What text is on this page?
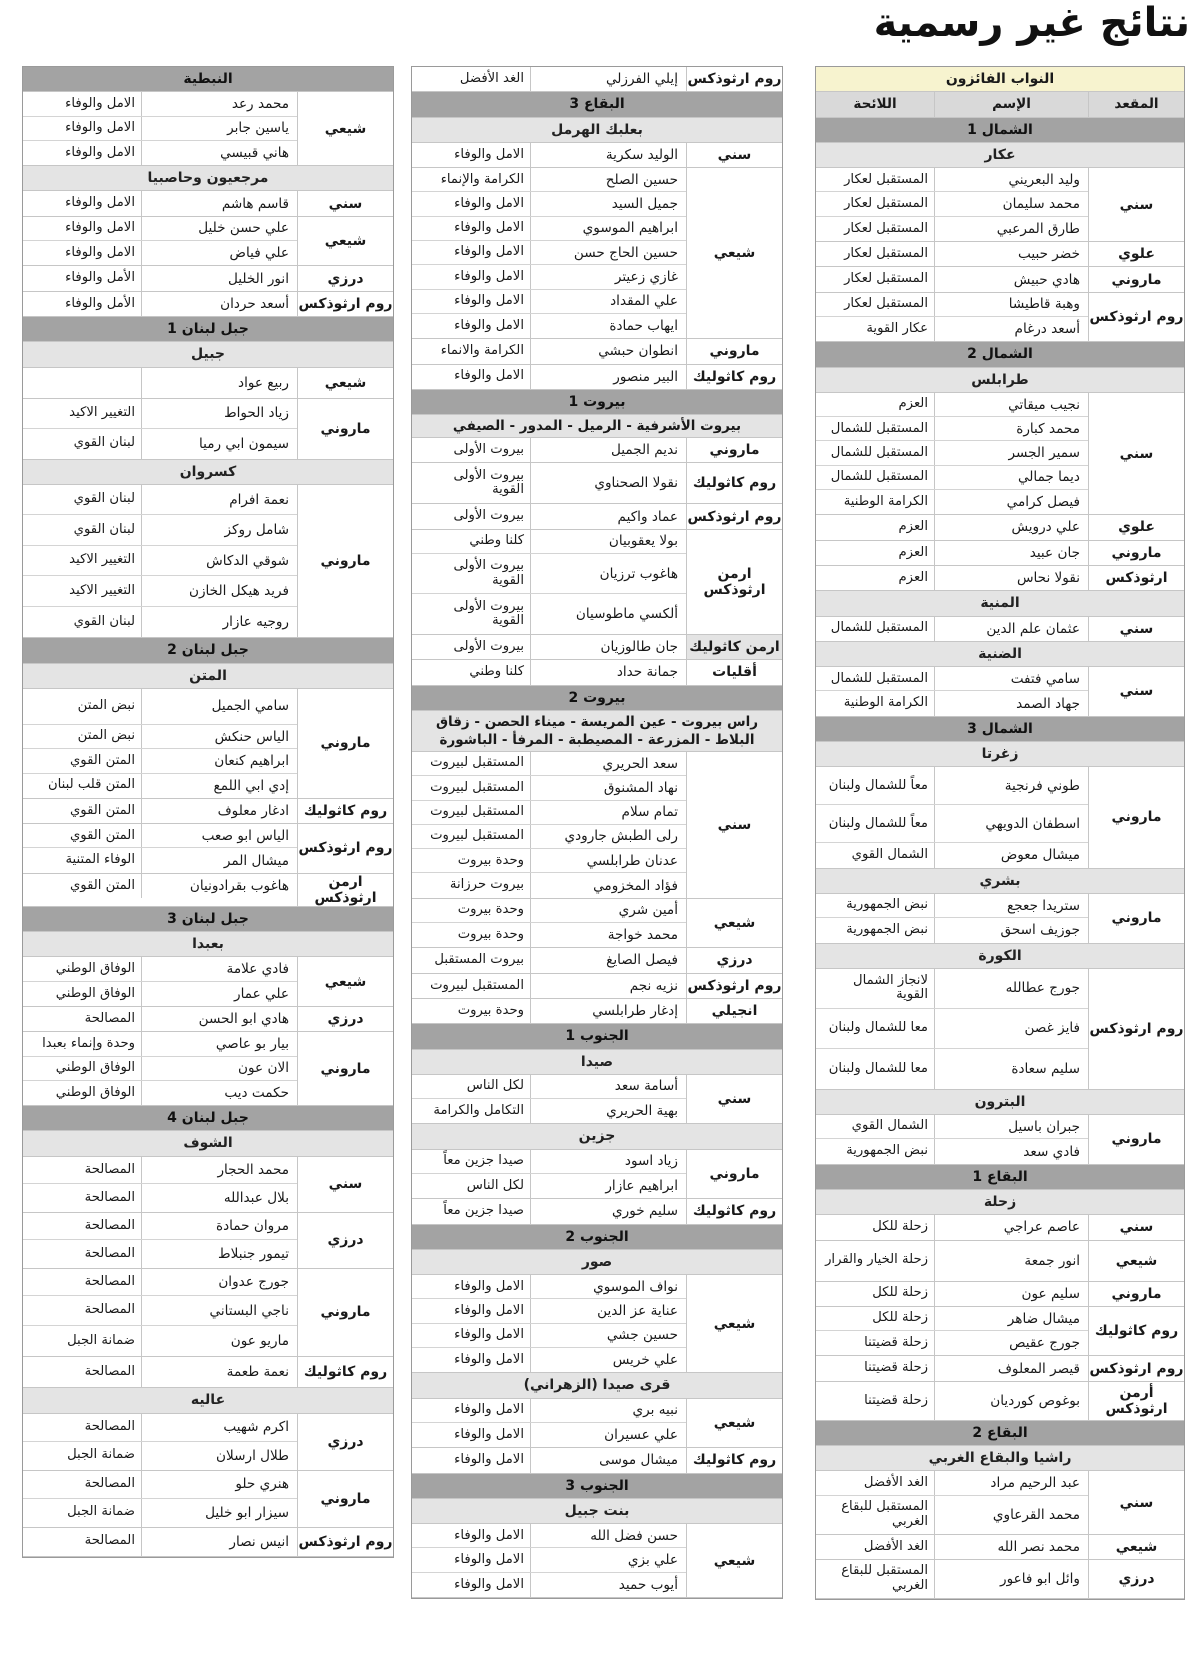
نتائج غير رسمية
النواب الفائزون
المقعد
الإسم
اللائحة
الشمال 1
عكار
سني
وليد البعريني
المستقبل لعكار
محمد سليمان
المستقبل لعكار
طارق المرعبي
المستقبل لعكار
علوي
خضر حبيب
المستقبل لعكار
ماروني
هادي حبيش
المستقبل لعكار
روم ارثوذكس
وهبة قاطيشا
المستقبل لعكار
أسعد درغام
عكار القوية
الشمال 2
طرابلس
سني
نجيب ميقاتي
العزم
محمد كبارة
المستقبل للشمال
سمير الجسر
المستقبل للشمال
ديما جمالي
المستقبل للشمال
فيصل كرامي
الكرامة الوطنية
علوي
علي درويش
العزم
ماروني
جان عبيد
العزم
ارثوذكس
نقولا نحاس
العزم
المنية
سني
عثمان علم الدين
المستقبل للشمال
الضنية
سني
سامي فتفت
المستقبل للشمال
جهاد الصمد
الكرامة الوطنية
الشمال 3
زغرتا
ماروني
طوني فرنجية
معاً للشمال ولبنان
اسطفان الدويهي
معاً للشمال ولبنان
ميشال معوض
الشمال القوي
بشري
ماروني
ستريدا جعجع
نبض الجمهورية
جوزيف اسحق
نبض الجمهورية
الكورة
روم ارثوذكس
جورج عطالله
لانجاز الشمال القوية
فايز غصن
معا للشمال ولبنان
سليم سعادة
معا للشمال ولبنان
البترون
ماروني
جبران باسيل
الشمال القوي
فادي سعد
نبض الجمهورية
البقاع 1
زحلة
سني
عاصم عراجي
زحلة للكل
شيعي
انور جمعة
زحلة الخيار والقرار
ماروني
سليم عون
زحلة للكل
روم كاثوليك
ميشال ضاهر
زحلة للكل
جورج عقيص
زحلة قضيتنا
روم ارثوذكس
قيصر المعلوف
زحلة قضيتنا
أرمن ارثوذكس
بوغوص كورديان
زحلة قضيتنا
البقاع 2
راشيا والبقاع الغربي
سني
عبد الرحيم مراد
الغد الأفضل
محمد القرعاوي
المستقبل للبقاع الغربي
شيعي
محمد نصر الله
الغد الأفضل
درزي
وائل ابو فاعور
المستقبل للبقاع الغربي
روم ارثوذكس
إيلي الفرزلي
الغد الأفضل
البقاع 3
بعلبك الهرمل
سني
الوليد سكرية
الامل والوفاء
شيعي
حسين الصلح
الكرامة والإنماء
جميل السيد
الامل والوفاء
ابراهيم الموسوي
الامل والوفاء
حسين الحاج حسن
الامل والوفاء
غازي زعيتر
الامل والوفاء
علي المقداد
الامل والوفاء
ايهاب حمادة
الامل والوفاء
ماروني
انطوان حبشي
الكرامة والانماء
روم كاثوليك
البير منصور
الامل والوفاء
بيروت 1
بيروت الأشرفية - الرميل - المدور - الصيفي
ماروني
نديم الجميل
بيروت الأولى
روم كاثوليك
نقولا الصحناوي
بيروت الأولى القوية
روم ارثوذكس
عماد واكيم
بيروت الأولى
ارمن ارثوذكس
بولا يعقوبيان
كلنا وطني
هاغوب ترزيان
بيروت الأولى القوية
ألكسي ماطوسيان
بيروت الأولى القوية
ارمن كاثوليك
جان طالوزيان
بيروت الأولى
أقليات
جمانة حداد
كلنا وطني
بيروت 2
راس بيروت - عين المريسة - ميناء الحصن - زقاق البلاط - المزرعة - المصيطبة - المرفأ - الباشورة
سني
سعد الحريري
المستقبل لبيروت
نهاد المشنوق
المستقبل لبيروت
تمام سلام
المستقبل لبيروت
رلى الطبش جارودي
المستقبل لبيروت
عدنان طرابلسي
وحدة بيروت
فؤاد المخزومي
بيروت حرزانة
شيعي
أمين شري
وحدة بيروت
محمد خواجة
وحدة بيروت
درزي
فيصل الصايغ
بيروت المستقبل
روم ارثوذكس
نزيه نجم
المستقبل لبيروت
انجيلي
إدغار طرابلسي
وحدة بيروت
الجنوب 1
صيدا
سني
أسامة سعد
لكل الناس
بهية الحريري
التكامل والكرامة
جزين
ماروني
زياد اسود
صيدا جزين معاً
ابراهيم عازار
لكل الناس
روم كاثوليك
سليم خوري
صيدا جزين معاً
الجنوب 2
صور
شيعي
نواف الموسوي
الامل والوفاء
عناية عز الدين
الامل والوفاء
حسين جشي
الامل والوفاء
علي خريس
الامل والوفاء
قرى صيدا (الزهراني)
شيعي
نبيه بري
الامل والوفاء
علي عسيران
الامل والوفاء
روم كاثوليك
ميشال موسى
الامل والوفاء
الجنوب 3
بنت جبيل
شيعي
حسن فضل الله
الامل والوفاء
علي بزي
الامل والوفاء
أيوب حميد
الامل والوفاء
النبطية
شيعي
محمد رعد
الامل والوفاء
ياسين جابر
الامل والوفاء
هاني قبيسي
الامل والوفاء
مرجعيون وحاصبيا
سني
قاسم هاشم
الامل والوفاء
شيعي
علي حسن خليل
الامل والوفاء
علي فياض
الامل والوفاء
درزي
انور الخليل
الأمل والوفاء
روم ارثوذكس
أسعد حردان
الأمل والوفاء
جبل لبنان 1
جبيل
شيعي
ربيع عواد
ماروني
زياد الحواط
التغيير الاكيد
سيمون ابي رميا
لبنان القوي
كسروان
ماروني
نعمة افرام
لبنان القوي
شامل روكز
لبنان القوي
شوقي الدكاش
التغيير الاكيد
فريد هيكل الخازن
التغيير الاكيد
روجيه عازار
لبنان القوي
جبل لبنان 2
المتن
ماروني
سامي الجميل
نبض المتن
الياس حنكش
نبض المتن
ابراهيم كنعان
المتن القوي
إدي ابي اللمع
المتن قلب لبنان
روم كاثوليك
ادغار معلوف
المتن القوي
روم ارثوذكس
الياس ابو صعب
المتن القوي
ميشال المر
الوفاء المتنية
ارمن ارثوذكس
هاغوب بقرادونيان
المتن القوي
جبل لبنان 3
بعبدا
شيعي
فادي علامة
الوفاق الوطني
علي عمار
الوفاق الوطني
درزي
هادي ابو الحسن
المصالحة
ماروني
بيار بو عاصي
وحدة وإنماء بعبدا
الان عون
الوفاق الوطني
حكمت ديب
الوفاق الوطني
جبل لبنان 4
الشوف
سني
محمد الحجار
المصالحة
بلال عبدالله
المصالحة
درزي
مروان حمادة
المصالحة
تيمور جنبلاط
المصالحة
ماروني
جورج عدوان
المصالحة
ناجي البستاني
المصالحة
ماريو عون
ضمانة الجبل
روم كاثوليك
نعمة طعمة
المصالحة
عاليه
درزي
اكرم شهيب
المصالحة
طلال ارسلان
ضمانة الجبل
ماروني
هنري حلو
المصالحة
سيزار ابو خليل
ضمانة الجبل
روم ارثوذكس
انيس نصار
المصالحة
